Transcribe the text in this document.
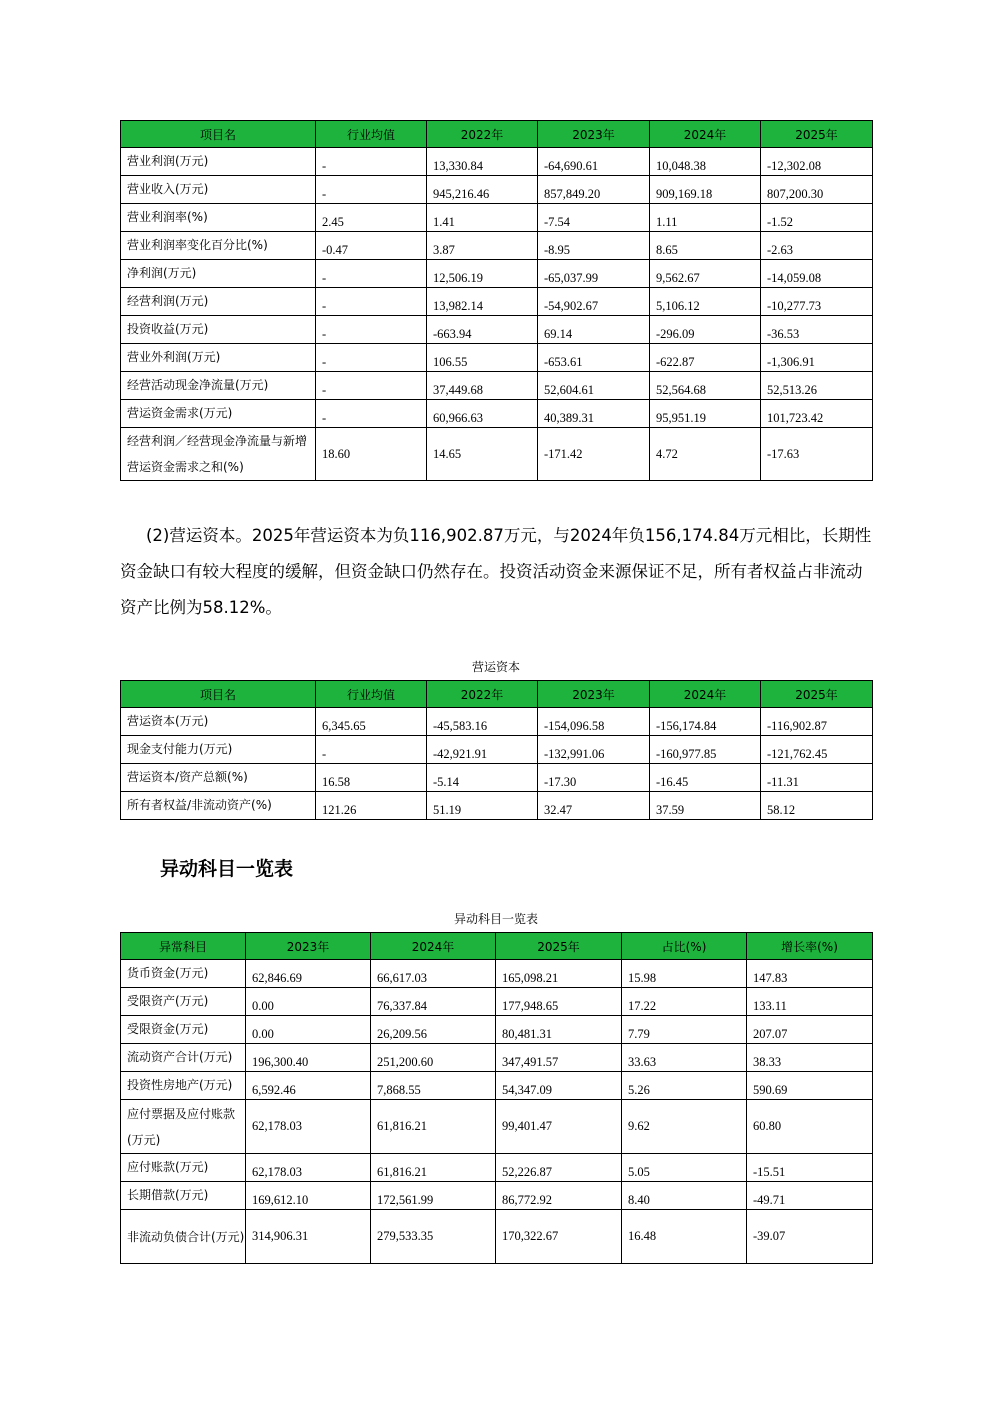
项目名	行业均值	2022年	2023年	2024年	2025年
营业利润(万元)	-	13,330.84	-64,690.61	10,048.38	-12,302.08
营业收入(万元)	-	945,216.46	857,849.20	909,169.18	807,200.30
营业利润率(%)	2.45	1.41	-7.54	1.11	-1.52
营业利润率变化百分比(%)	-0.47	3.87	-8.95	8.65	-2.63
净利润(万元)	-	12,506.19	-65,037.99	9,562.67	-14,059.08
经营利润(万元)	-	13,982.14	-54,902.67	5,106.12	-10,277.73
投资收益(万元)	-	-663.94	69.14	-296.09	-36.53
营业外利润(万元)	-	106.55	-653.61	-622.87	-1,306.91
经营活动现金净流量(万元)	-	37,449.68	52,604.61	52,564.68	52,513.26
营运资金需求(万元)	-	60,966.63	40,389.31	95,951.19	101,723.42
经营利润／经营现金净流量与新增营运资金需求之和(%)	18.60	14.65	-171.42	4.72	-17.63

(2)营运资本。2025年营运资本为负116,902.87万元，与2024年负156,174.84万元相比，长期性资金缺口有较大程度的缓解，但资金缺口仍然存在。投资活动资金来源保证不足，所有者权益占非流动资产比例为58.12%。

营运资本
项目名	行业均值	2022年	2023年	2024年	2025年
营运资本(万元)	6,345.65	-45,583.16	-154,096.58	-156,174.84	-116,902.87
现金支付能力(万元)	-	-42,921.91	-132,991.06	-160,977.85	-121,762.45
营运资本/资产总额(%)	16.58	-5.14	-17.30	-16.45	-11.31
所有者权益/非流动资产(%)	121.26	51.19	32.47	37.59	58.12
异动科目一览表
异动科目一览表
异常科目	2023年	2024年	2025年	占比(%)	增长率(%)
货币资金(万元)	62,846.69	66,617.03	165,098.21	15.98	147.83
受限资产(万元)	0.00	76,337.84	177,948.65	17.22	133.11
受限资金(万元)	0.00	26,209.56	80,481.31	7.79	207.07
流动资产合计(万元)	196,300.40	251,200.60	347,491.57	33.63	38.33
投资性房地产(万元)	6,592.46	7,868.55	54,347.09	5.26	590.69
应付票据及应付账款(万元)	62,178.03	61,816.21	99,401.47	9.62	60.80
应付账款(万元)	62,178.03	61,816.21	52,226.87	5.05	-15.51
长期借款(万元)	169,612.10	172,561.99	86,772.92	8.40	-49.71
非流动负债合计(万元)	314,906.31	279,533.35	170,322.67	16.48	-39.07
